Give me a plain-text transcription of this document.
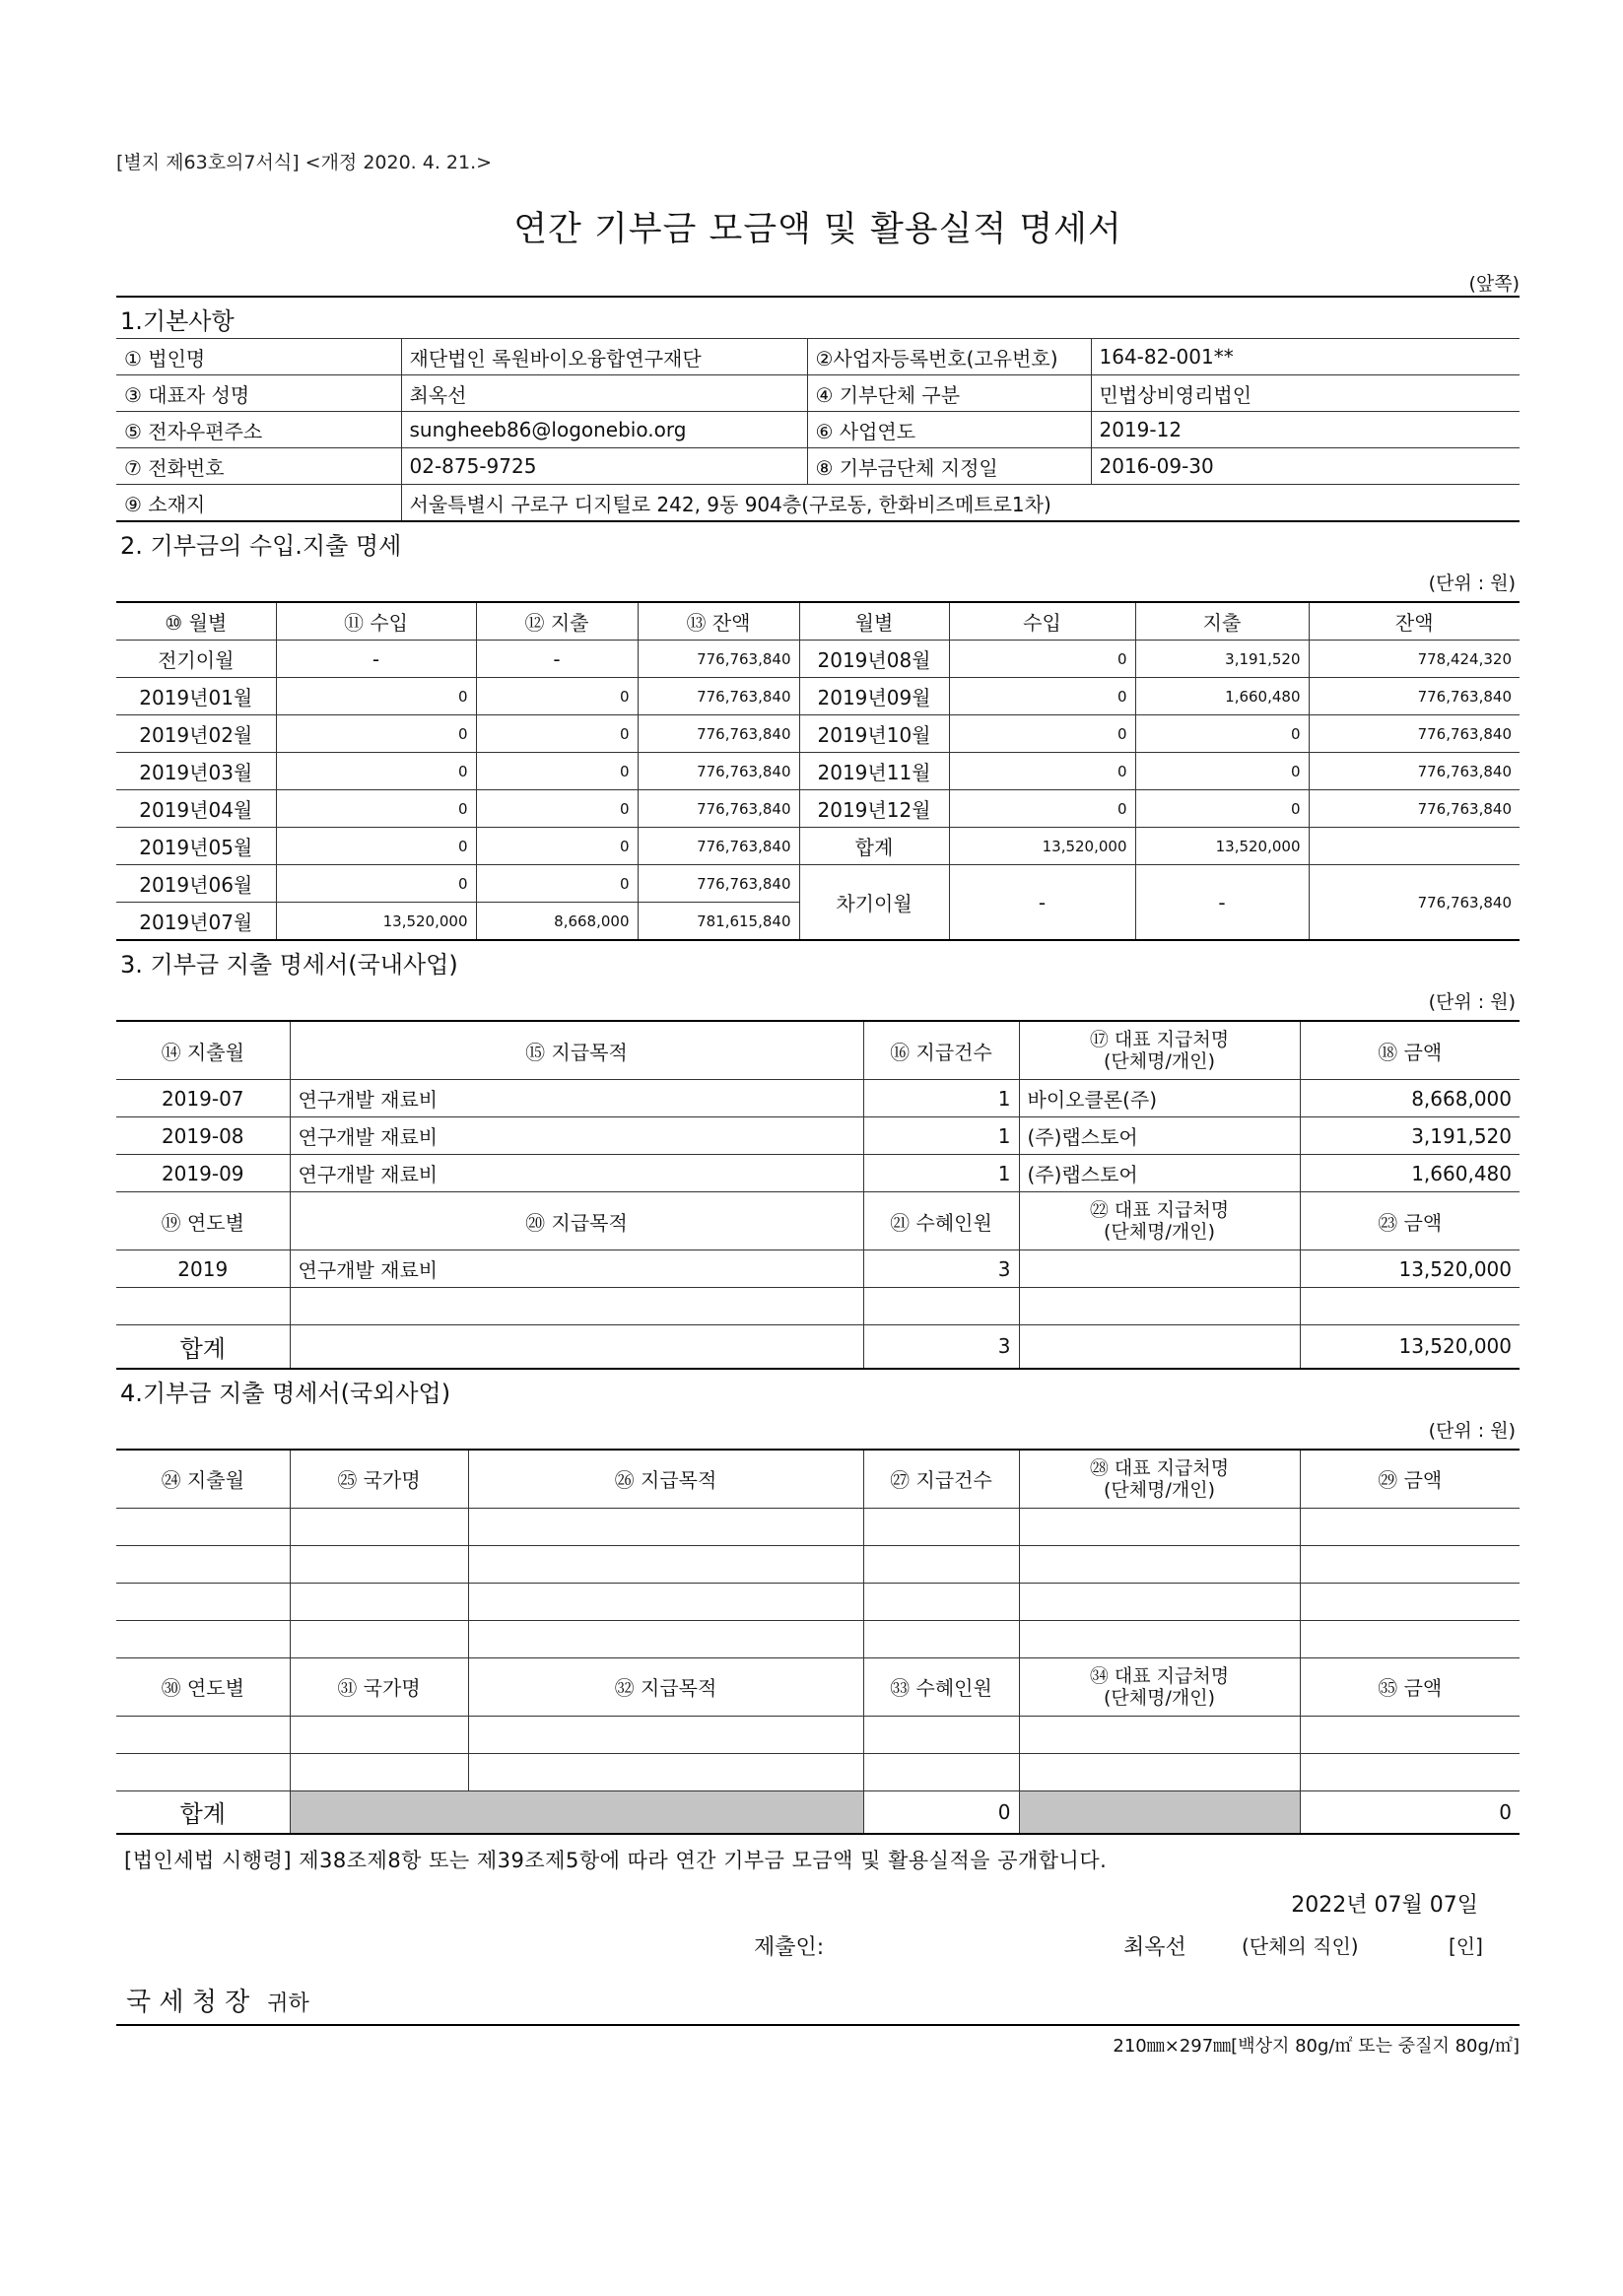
[별지 제63호의7서식] <개정 2020. 4. 21.>
연간 기부금 모금액 및 활용실적 명세서
(앞쪽)
1.기본사항
① 법인명	재단법인 록원바이오융합연구재단	②사업자등록번호(고유번호)	164-82-001**
③ 대표자 성명	최옥선	④ 기부단체 구분	민법상비영리법인
⑤ 전자우편주소	sungheeb86@logonebio.org	⑥ 사업연도	2019-12
⑦ 전화번호	02-875-9725	⑧ 기부금단체 지정일	2016-09-30
⑨ 소재지	서울특별시 구로구 디지털로 242, 9동 904층(구로동, 한화비즈메트로1차)		
2. 기부금의 수입.지출 명세
(단위 : 원)
⑩ 월별	⑪ 수입	⑫ 지출	⑬ 잔액	월별	수입	지출	잔액
전기이월	-	-	776,763,840	2019년08월	0	3,191,520	778,424,320
2019년01월	0	0	776,763,840	2019년09월	0	1,660,480	776,763,840
2019년02월	0	0	776,763,840	2019년10월	0	0	776,763,840
2019년03월	0	0	776,763,840	2019년11월	0	0	776,763,840
2019년04월	0	0	776,763,840	2019년12월	0	0	776,763,840
2019년05월	0	0	776,763,840	합계	13,520,000	13,520,000	
2019년06월	0	0	776,763,840	차기이월	-	-	776,763,840
2019년07월	13,520,000	8,668,000	781,615,840				
3. 기부금 지출 명세서(국내사업)
(단위 : 원)
⑭ 지출월	⑮ 지급목적	⑯ 지급건수	⑰ 대표 지급처명
(단체명/개인)	⑱ 금액
2019-07	연구개발 재료비	1	바이오클론(주)	8,668,000
2019-08	연구개발 재료비	1	(주)랩스토어	3,191,520
2019-09	연구개발 재료비	1	(주)랩스토어	1,660,480
⑲ 연도별	⑳ 지급목적	㉑ 수혜인원	㉒ 대표 지급처명
(단체명/개인)	㉓ 금액
2019	연구개발 재료비	3		13,520,000

합계		3		13,520,000
4.기부금 지출 명세서(국외사업)
(단위 : 원)
㉔ 지출월	㉕ 국가명	㉖ 지급목적	㉗ 지급건수	㉘ 대표 지급처명
(단체명/개인)	㉙ 금액

㉚ 연도별	㉛ 국가명	㉜ 지급목적	㉝ 수혜인원	㉞ 대표 지급처명
(단체명/개인)	㉟ 금액

합계			0		0
[법인세법 시행령] 제38조제8항 또는 제39조제5항에 따라 연간 기부금 모금액 및 활용실적을 공개합니다.
2022년 07월 07일
제출인:	최옥선	(단체의 직인)	[인]
국 세 청 장 귀하
210㎜×297㎜[백상지 80g/㎡ 또는 중질지 80g/㎡]
